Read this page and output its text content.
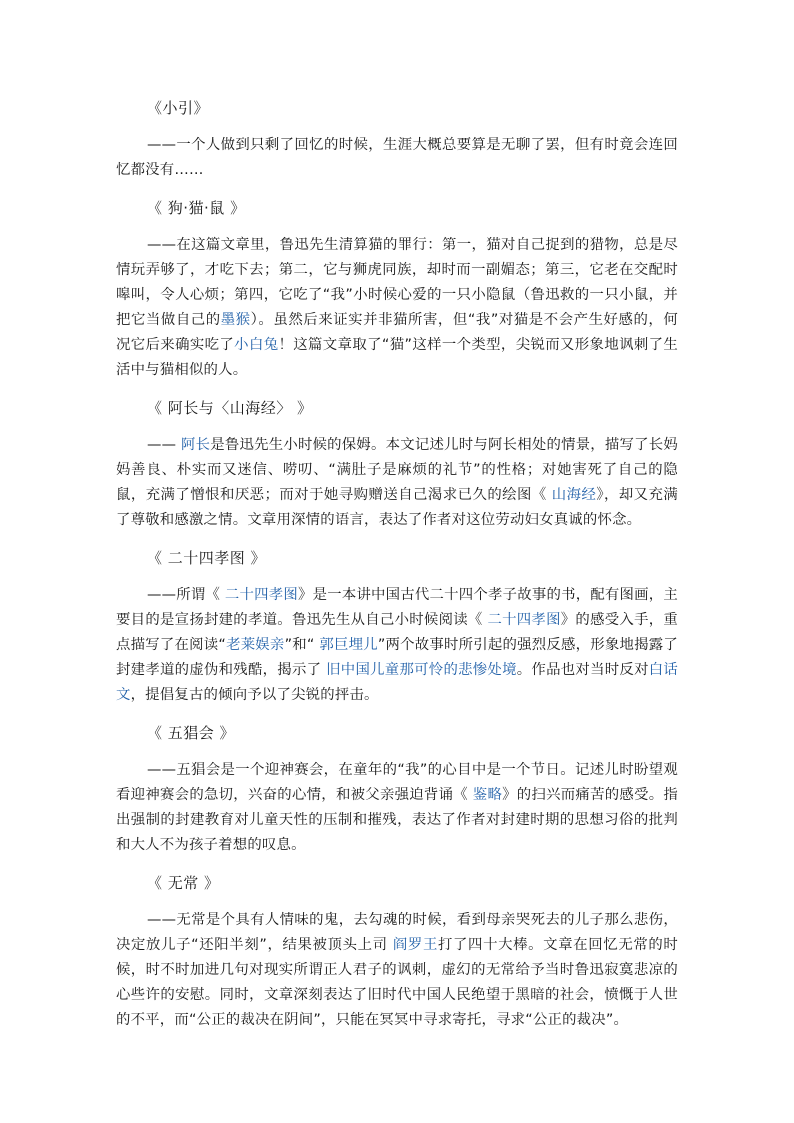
《小引》

——一个人做到只剩了回忆的时候，生涯大概总要算是无聊了罢，但有时竟会连回忆都没有……

《 狗·猫·鼠 》

——在这篇文章里，鲁迅先生清算猫的罪行：第一，猫对自己捉到的猎物，总是尽情玩弄够了，才吃下去；第二，它与狮虎同族，却时而一副媚态；第三，它老在交配时嗥叫，令人心烦；第四，它吃了“我”小时候心爱的一只小隐鼠（鲁迅救的一只小鼠，并把它当做自己的墨猴）。虽然后来证实并非猫所害，但“我”对猫是不会产生好感的，何况它后来确实吃了小白兔！这篇文章取了“猫”这样一个类型，尖锐而又形象地讽刺了生活中与猫相似的人。

《 阿长与〈山海经〉 》

—— 阿长是鲁迅先生小时候的保姆。本文记述儿时与阿长相处的情景，描写了长妈妈善良、朴实而又迷信、唠叨、“满肚子是麻烦的礼节”的性格；对她害死了自己的隐鼠，充满了憎恨和厌恶；而对于她寻购赠送自己渴求已久的绘图《 山海经》，却又充满了尊敬和感激之情。文章用深情的语言，表达了作者对这位劳动妇女真诚的怀念。

《 二十四孝图 》

——所谓《 二十四孝图》是一本讲中国古代二十四个孝子故事的书，配有图画，主要目的是宣扬封建的孝道。鲁迅先生从自己小时候阅读《 二十四孝图》的感受入手，重点描写了在阅读“老莱娱亲”和“ 郭巨埋儿”两个故事时所引起的强烈反感，形象地揭露了封建孝道的虚伪和残酷，揭示了 旧中国儿童那可怜的悲惨处境。作品也对当时反对白话文，提倡复古的倾向予以了尖锐的抨击。

《 五猖会 》

——五猖会是一个迎神赛会，在童年的“我”的心目中是一个节日。记述儿时盼望观看迎神赛会的急切，兴奋的心情，和被父亲强迫背诵《 鉴略》的扫兴而痛苦的感受。指出强制的封建教育对儿童天性的压制和摧残，表达了作者对封建时期的思想习俗的批判和大人不为孩子着想的叹息。

《 无常 》

——无常是个具有人情味的鬼，去勾魂的时候，看到母亲哭死去的儿子那么悲伤，决定放儿子“还阳半刻”，结果被顶头上司 阎罗王打了四十大棒。文章在回忆无常的时候，时不时加进几句对现实所谓正人君子的讽刺，虚幻的无常给予当时鲁迅寂寞悲凉的心些许的安慰。同时，文章深刻表达了旧时代中国人民绝望于黑暗的社会，愤慨于人世的不平，而“公正的裁决在阴间”，只能在冥冥中寻求寄托，寻求“公正的裁决”。
